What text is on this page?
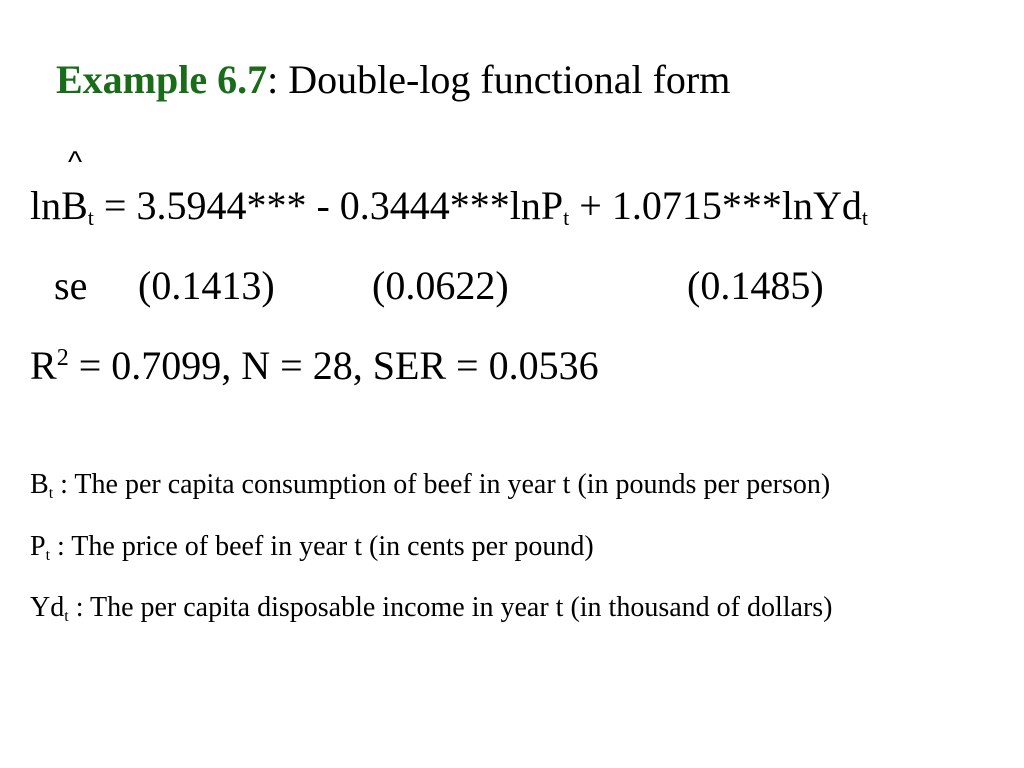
Example 6.7: Double-log functional form
^
lnB$_t$ = 3.5944*** - 0.3444***lnP$_t$ + 1.0715***lnYd$_t$
se (0.1413) (0.0622)	(0.1485)
$R^2 = 0.7099$, N = 28, SER = 0.0536
$B_t$ : The per capita consumption of beef in year t (in pounds per person)
$P_t$ : The price of beef in year t (in cents per pound)
$Yd_t$ : The per capita disposable income in year t (in thousand of dollars)
